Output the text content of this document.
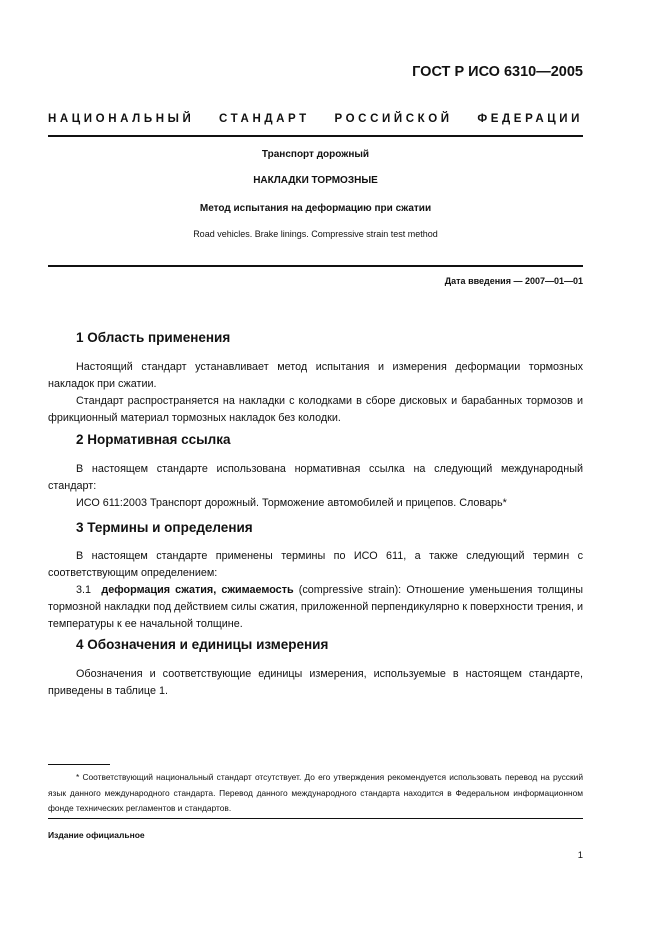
ГОСТ Р ИСО 6310—2005
НАЦИОНАЛЬНЫЙ СТАНДАРТ РОССИЙСКОЙ ФЕДЕРАЦИИ
Транспорт дорожный
НАКЛАДКИ ТОРМОЗНЫЕ
Метод испытания на деформацию при сжатии
Road vehicles. Brake linings. Compressive strain test method
Дата введения — 2007—01—01
1 Область применения

Настоящий стандарт устанавливает метод испытания и измерения деформации тормозных накладок при сжатии.

Стандарт распространяется на накладки с колодками в сборе дисковых и барабанных тормозов и фрикционный материал тормозных накладок без колодки.

2 Нормативная ссылка

В настоящем стандарте использована нормативная ссылка на следующий международный стандарт:

ИСО 611:2003 Транспорт дорожный. Торможение автомобилей и прицепов. Словарь*

3 Термины и определения

В настоящем стандарте применены термины по ИСО 611, а также следующий термин с соответствующим определением:

3.1 деформация сжатия, сжимаемость (compressive strain): Отношение уменьшения толщины тормозной накладки под действием силы сжатия, приложенной перпендикулярно к поверхности трения, и температуры к ее начальной толщине.

4 Обозначения и единицы измерения

Обозначения и соответствующие единицы измерения, используемые в настоящем стандарте, приведены в таблице 1.

* Соответствующий национальный стандарт отсутствует. До его утверждения рекомендуется использовать перевод на русский язык данного международного стандарта. Перевод данного международного стандарта находится в Федеральном информационном фонде технических регламентов и стандартов.

Издание официальное
1
